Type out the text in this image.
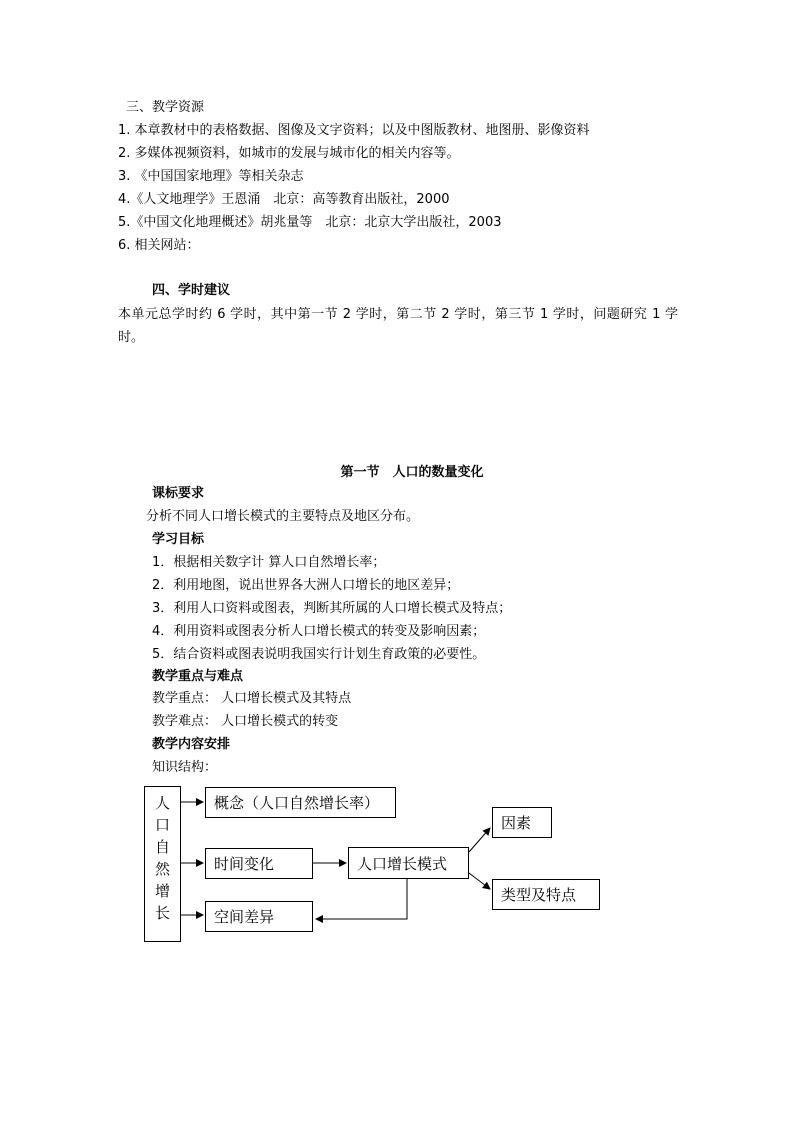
三、教学资源
1. 本章教材中的表格数据、图像及文字资料；以及中图版教材、地图册、影像资料
2. 多媒体视频资料，如城市的发展与城市化的相关内容等。
3. 《中国国家地理》等相关杂志
4.《人文地理学》王恩涌　北京：高等教育出版社，2000
5.《中国文化地理概述》胡兆量等　北京：北京大学出版社，2003
6. 相关网站：
四、学时建议
本单元总学时约 6 学时，其中第一节 2 学时，第二节 2 学时，第三节 1 学时，问题研究 1 学时。
第一节　人口的数量变化
课标要求
分析不同人口增长模式的主要特点及地区分布。
学习目标
1．根据相关数字计 算人口自然增长率；
2．利用地图，说出世界各大洲人口增长的地区差异；
3．利用人口资料或图表，判断其所属的人口增长模式及特点；
4．利用资料或图表分析人口增长模式的转变及影响因素；
5．结合资料或图表说明我国实行计划生育政策的必要性。
教学重点与难点
教学重点： 人口增长模式及其特点
教学难点： 人口增长模式的转变
教学内容安排
知识结构：
人
口
自
然
增
长
概念（人口自然增长率）
时间变化
空间差异
人口增长模式
因素
类型及特点
